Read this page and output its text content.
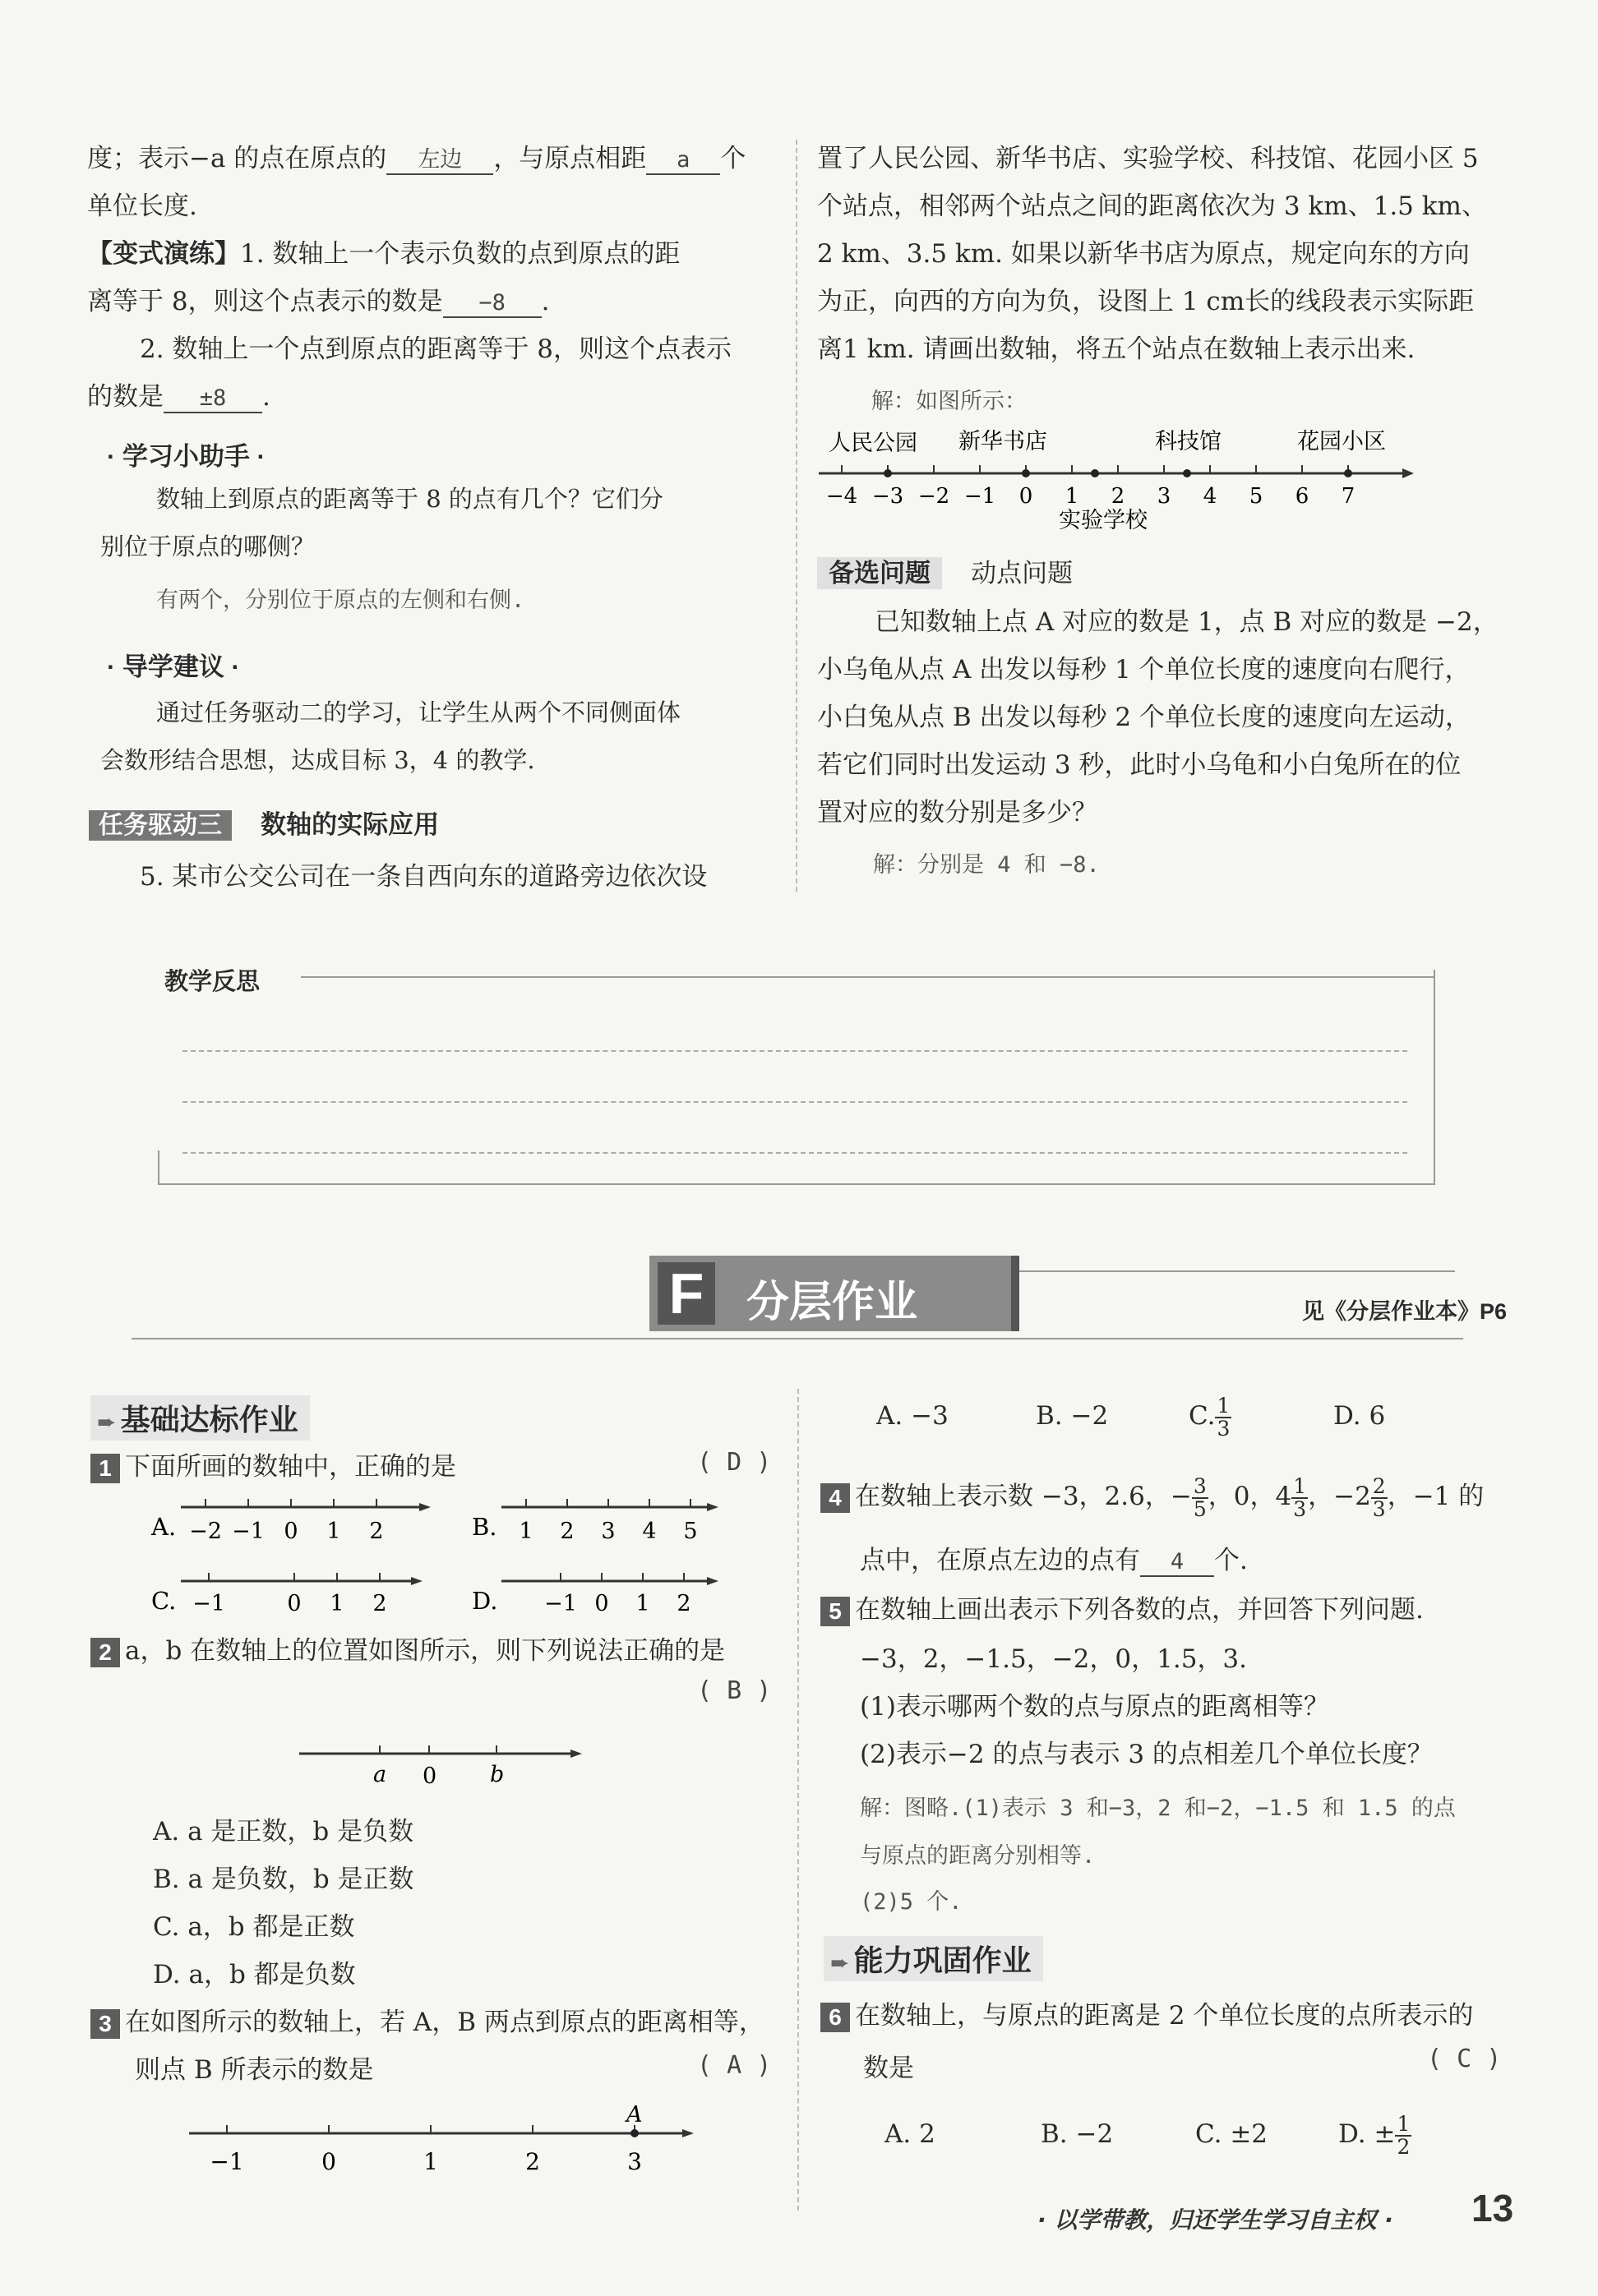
度；表示−a 的点在原点的 左边 ，与原点相距 a 个
单位长度.
【变式演练】1. 数轴上一个表示负数的点到原点的距
离等于 8，则这个点表示的数是 −8 .
2. 数轴上一个点到原点的距离等于 8，则这个点表示
的数是 ±8 .
· 学习小助手 ·
数轴上到原点的距离等于 8 的点有几个？它们分
别位于原点的哪侧？
有两个，分别位于原点的左侧和右侧.
· 导学建议 ·
通过任务驱动二的学习，让学生从两个不同侧面体
会数形结合思想，达成目标 3，4 的教学.
任务驱动三 数轴的实际应用
5. 某市公交公司在一条自西向东的道路旁边依次设
置了人民公园、新华书店、实验学校、科技馆、花园小区 5
个站点，相邻两个站点之间的距离依次为 3 km、1.5 km、
2 km、3.5 km. 如果以新华书店为原点，规定向东的方向
为正，向西的方向为负，设图上 1 cm长的线段表示实际距
离1 km. 请画出数轴，将五个站点在数轴上表示出来.
解：如图所示：
人民公园 新华书店	科技馆	花园小区
−4 −3 −2 −1 0 1 2 3 4 5 6 7
实验学校
备选问题 动点问题
已知数轴上点 A 对应的数是 1，点 B 对应的数是 −2，
小乌龟从点 A 出发以每秒 1 个单位长度的速度向右爬行，
小白兔从点 B 出发以每秒 2 个单位长度的速度向左运动，
若它们同时出发运动 3 秒，此时小乌龟和小白兔所在的位
置对应的数分别是多少？
解：分别是 4 和 −8.
教学反思
F 分层作业	见《分层作业本》P6
➨ 基础达标作业
1 下面所画的数轴中，正确的是	( D )
A. −2 −1 0 1 2	B. 1 2 3 4 5
C. −1	0 1 2	D. −1 0 1 2
2 a，b 在数轴上的位置如图所示，则下列说法正确的是
( B )
a 0 b
A. a 是正数，b 是负数
B. a 是负数，b 是正数
C. a，b 都是正数
D. a，b 都是负数
3 在如图所示的数轴上，若 A，B 两点到原点的距离相等，
则点 B 所表示的数是	( A )
−1	0	1	2	3
A
A. −3	B. −2	C. $\frac{1}{3}$	D. 6
4 在数轴上表示数 −3，2.6，− $\frac{3}{5}$ ，0，$4 \frac{1}{3}$ ，$-2 \frac{2}{3}$ ，−1 的
点中，在原点左边的点有 4 个.
5 在数轴上画出表示下列各数的点，并回答下列问题.
−3，2，−1.5，−2，0，1.5，3.
(1)表示哪两个数的点与原点的距离相等？
(2)表示−2 的点与表示 3 的点相差几个单位长度？
解：图略.(1)表示 3 和−3，2 和−2，−1.5 和 1.5 的点
与原点的距离分别相等.
(2)5 个.
➨ 能力巩固作业
6 在数轴上，与原点的距离是 2 个单位长度的点所表示的
数是	( C )
A. 2	B. −2	C. ±2	D. ± $\frac{1}{2}$
· 以学带教，归还学生学习自主权 · 13
